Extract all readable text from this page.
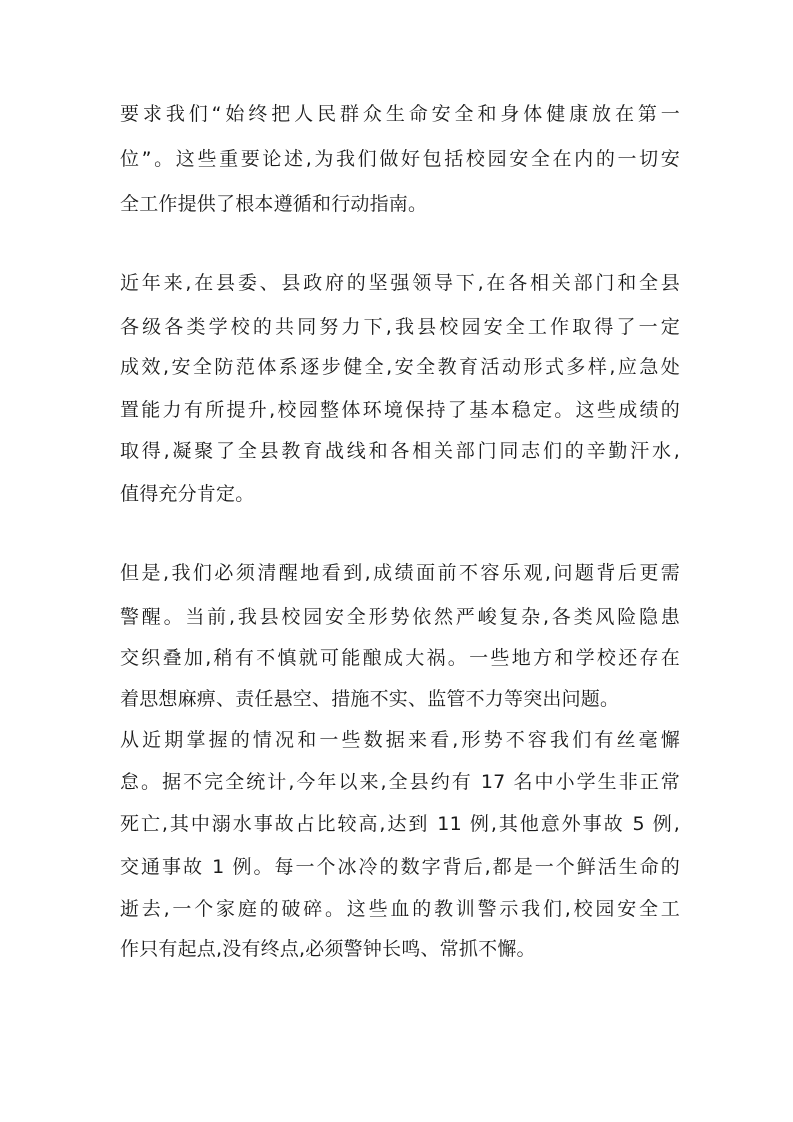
要求我们“始终把人民群众生命安全和身体健康放在第一
位”。这些重要论述,为我们做好包括校园安全在内的一切安
全工作提供了根本遵循和行动指南。
近年来,在县委、县政府的坚强领导下,在各相关部门和全县
各级各类学校的共同努力下,我县校园安全工作取得了一定
成效,安全防范体系逐步健全,安全教育活动形式多样,应急处
置能力有所提升,校园整体环境保持了基本稳定。这些成绩的
取得,凝聚了全县教育战线和各相关部门同志们的辛勤汗水,
值得充分肯定。
但是,我们必须清醒地看到,成绩面前不容乐观,问题背后更需
警醒。当前,我县校园安全形势依然严峻复杂,各类风险隐患
交织叠加,稍有不慎就可能酿成大祸。一些地方和学校还存在
着思想麻痹、责任悬空、措施不实、监管不力等突出问题。
从近期掌握的情况和一些数据来看,形势不容我们有丝毫懈
怠。据不完全统计,今年以来,全县约有 17 名中小学生非正常
死亡,其中溺水事故占比较高,达到 11 例,其他意外事故 5 例,
交通事故 1 例。每一个冰冷的数字背后,都是一个鲜活生命的
逝去,一个家庭的破碎。这些血的教训警示我们,校园安全工
作只有起点,没有终点,必须警钟长鸣、常抓不懈。
